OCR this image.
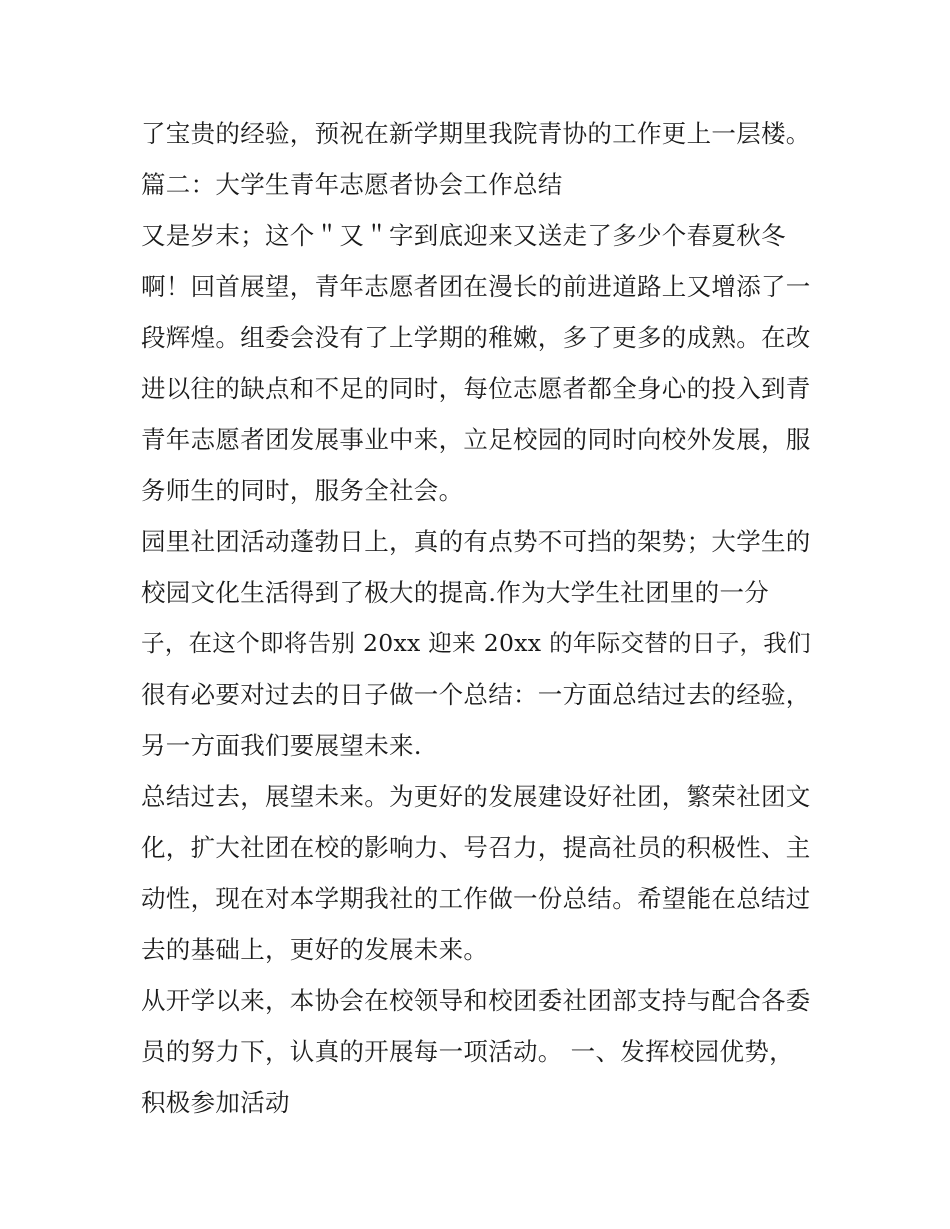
了宝贵的经验，预祝在新学期里我院青协的工作更上一层楼。
篇二：大学生青年志愿者协会工作总结
又是岁末；这个＂又＂字到底迎来又送走了多少个春夏秋冬
啊！回首展望，青年志愿者团在漫长的前进道路上又增添了一
段辉煌。组委会没有了上学期的稚嫩，多了更多的成熟。在改
进以往的缺点和不足的同时，每位志愿者都全身心的投入到青
青年志愿者团发展事业中来，立足校园的同时向校外发展，服
务师生的同时，服务全社会。
园里社团活动蓬勃日上，真的有点势不可挡的架势；大学生的
校园文化生活得到了极大的提高.作为大学生社团里的一分
子，在这个即将告别 20xx 迎来 20xx 的年际交替的日子，我们
很有必要对过去的日子做一个总结：一方面总结过去的经验，
另一方面我们要展望未来.
总结过去，展望未来。为更好的发展建设好社团，繁荣社团文
化，扩大社团在校的影响力、号召力，提高社员的积极性、主
动性，现在对本学期我社的工作做一份总结。希望能在总结过
去的基础上，更好的发展未来。
从开学以来，本协会在校领导和校团委社团部支持与配合各委
员的努力下，认真的开展每一项活动。 一、发挥校园优势，
积极参加活动
